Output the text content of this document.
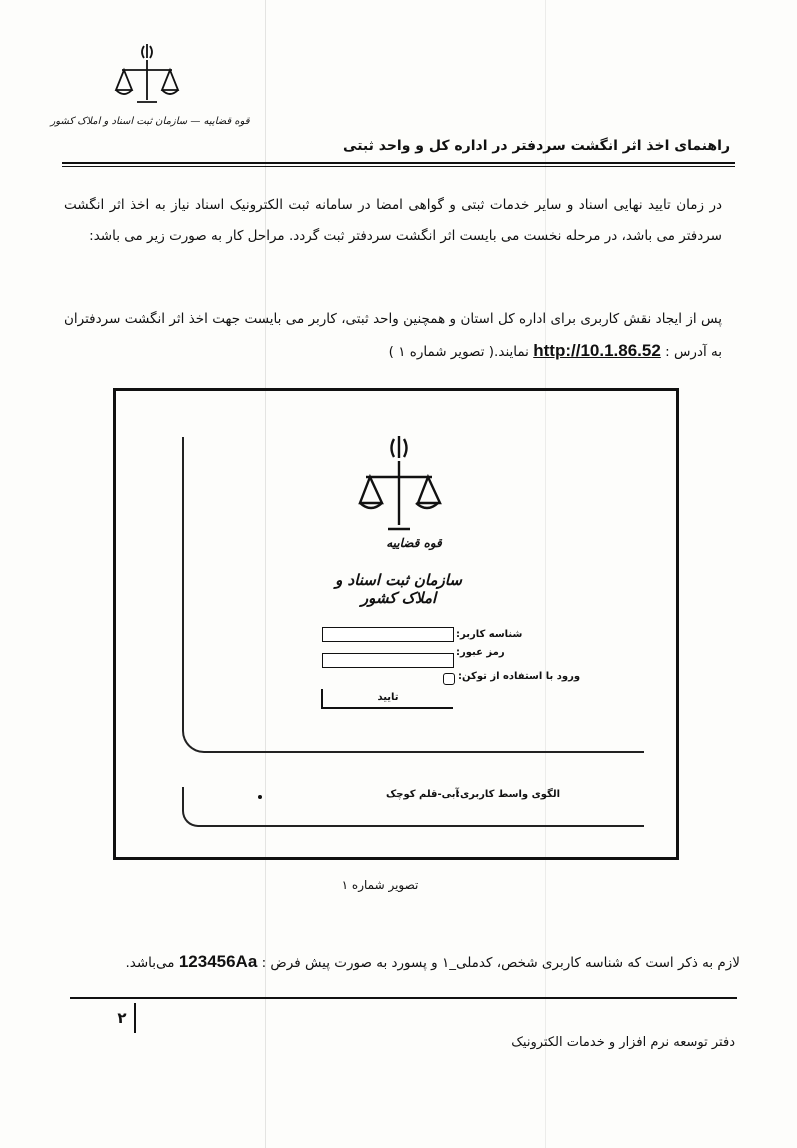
قوه قضاییه — سازمان ثبت اسناد و املاک کشور
راهنمای اخذ اثر انگشت سردفتر در اداره کل و واحد ثبتی
در زمان تایید نهایی اسناد و سایر خدمات ثبتی و گواهی امضا در سامانه ثبت الکترونیک اسناد نیاز به اخذ اثر انگشت سردفتر می باشد، در مرحله نخست می بایست اثر انگشت سردفتر ثبت گردد. مراحل کار به صورت زیر می باشد:
پس از ایجاد نقش کاربری برای اداره کل استان و همچنین واحد ثبتی، کاربر می بایست جهت اخذ اثر انگشت سردفتران به آدرس : http://10.1.86.52 نمایند.( تصویر شماره ۱ )
قوه قضاییه
سازمان ثبت اسناد و املاک کشور
شناسه کاربر:
رمز عبور:
ورود با استفاده از توکن:
تایید
الگوی واسط کاربری:
آبی-قلم کوچک
تصویر شماره ۱
لازم به ذکر است که شناسه کاربری شخص، کدملی_۱ و پسورد به صورت پیش فرض : 123456Aa می‌باشد.
۲
دفتر توسعه نرم افزار و خدمات الکترونیک
